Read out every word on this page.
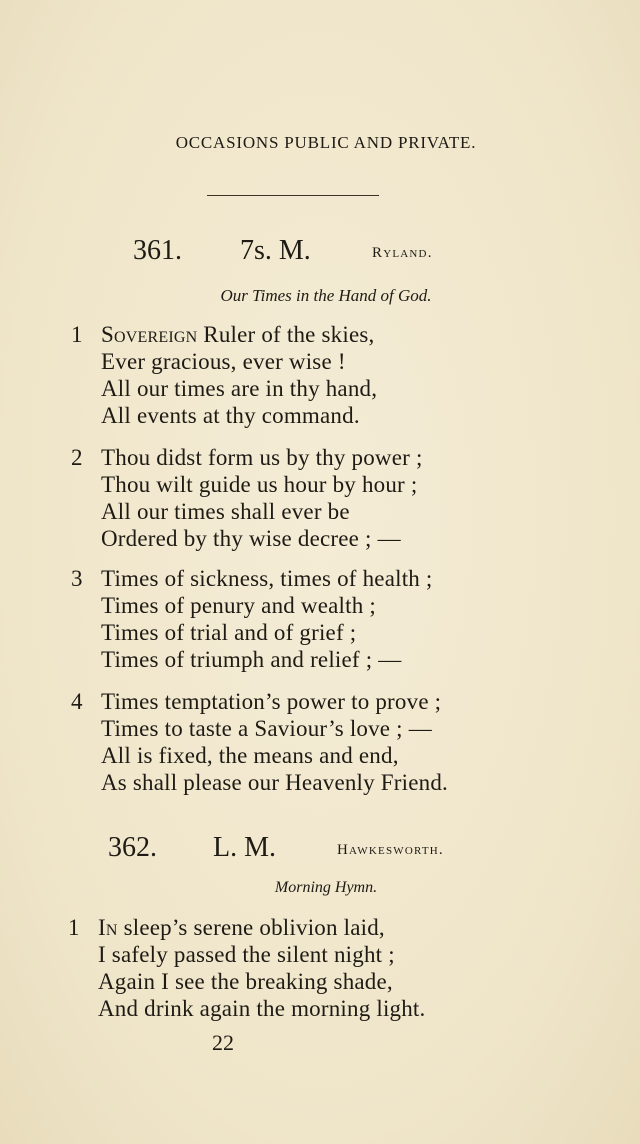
OCCASIONS PUBLIC AND PRIVATE.
361. 7s. M.	Ryland.
Our Times in the Hand of God.
1 Sovereign Ruler of the skies,
Ever gracious, ever wise !
All our times are in thy hand,
All events at thy command.
2 Thou didst form us by thy power ;
Thou wilt guide us hour by hour ;
All our times shall ever be
Ordered by thy wise decree ; —
3 Times of sickness, times of health ;
Times of penury and wealth ;
Times of trial and of grief ;
Times of triumph and relief ; —
4 Times temptation’s power to prove ;
Times to taste a Saviour’s love ; —
All is fixed, the means and end,
As shall please our Heavenly Friend.
362. L. M.	Hawkesworth.
Morning Hymn.
1 In sleep’s serene oblivion laid,
I safely passed the silent night ;
Again I see the breaking shade,
And drink again the morning light.
22
